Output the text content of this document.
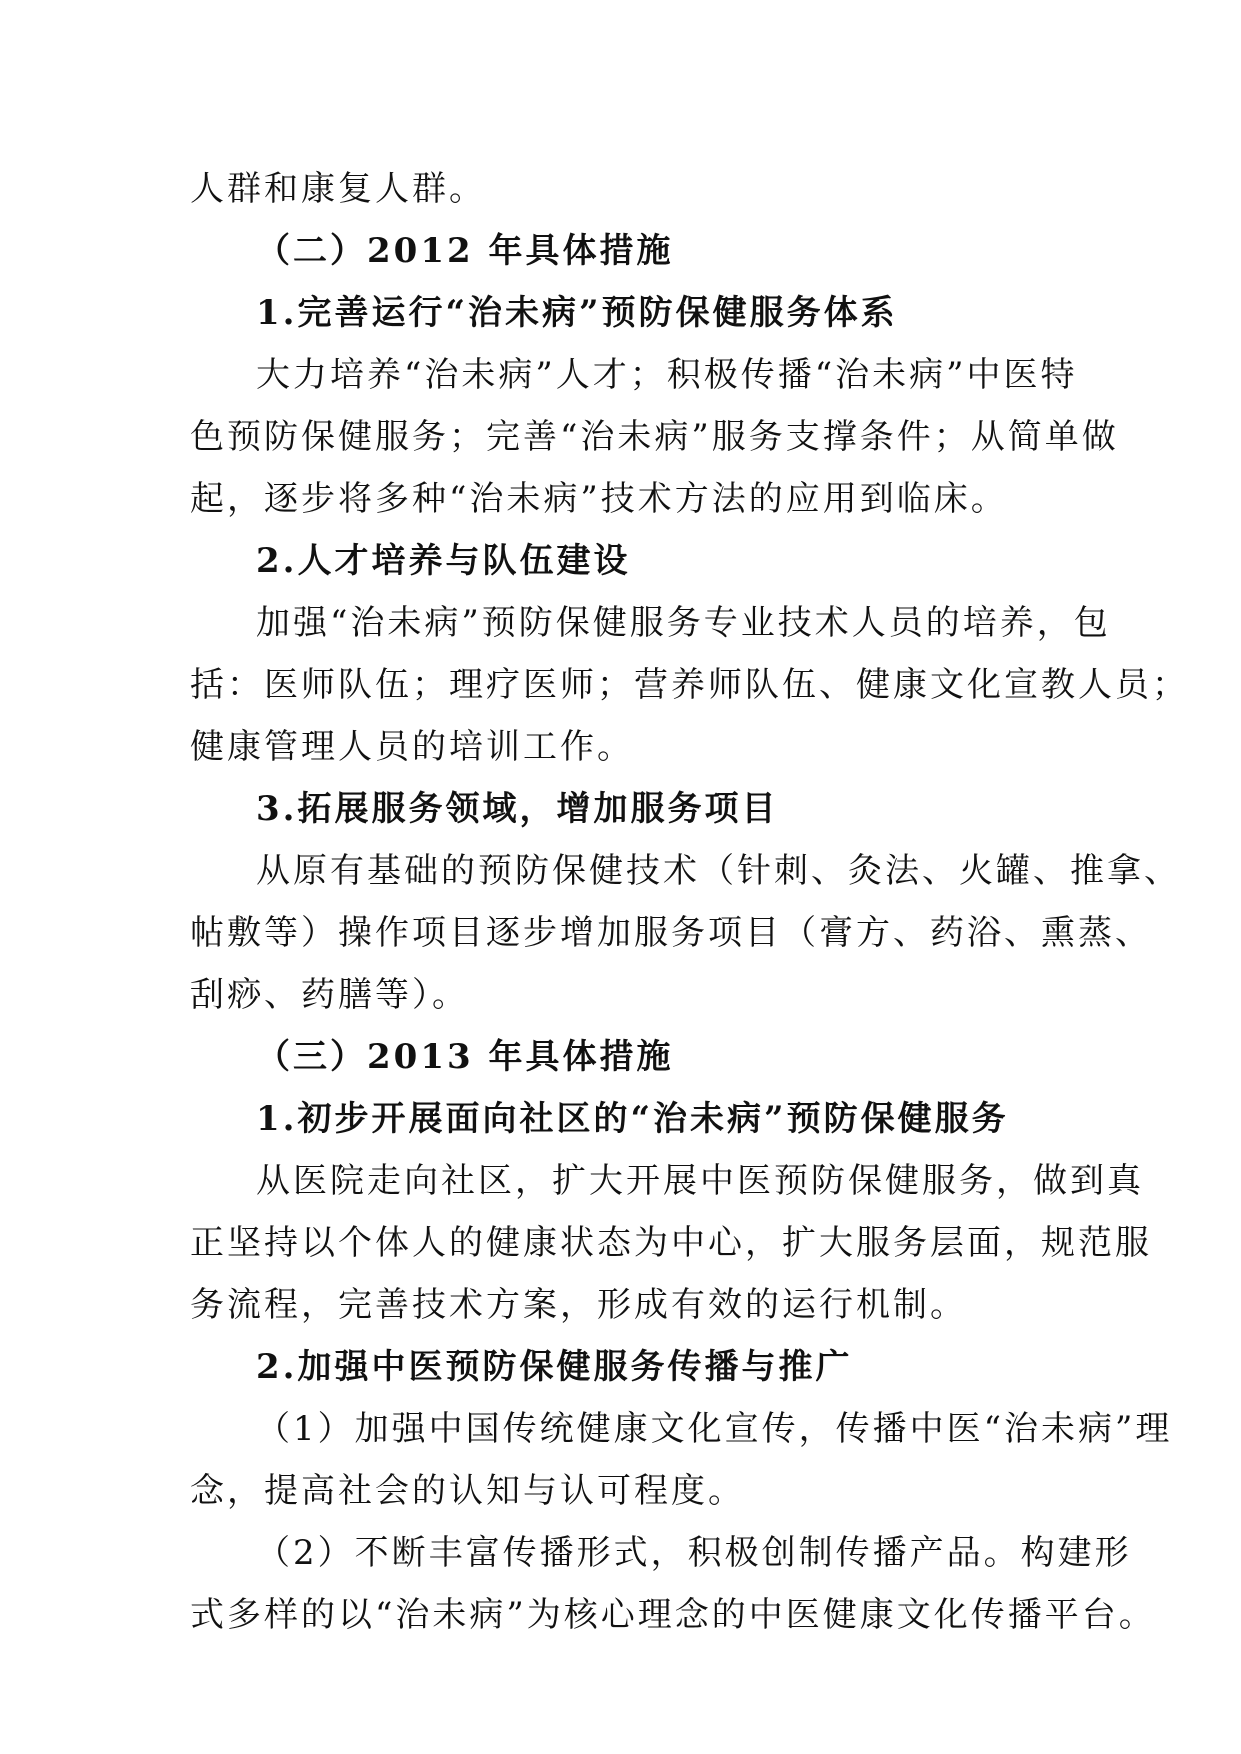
人群和康复人群。
（二）2012 年具体措施
1.完善运行“治未病”预防保健服务体系
大力培养“治未病”人才；积极传播“治未病”中医特
色预防保健服务；完善“治未病”服务支撑条件；从简单做
起，逐步将多种“治未病”技术方法的应用到临床。
2.人才培养与队伍建设
加强“治未病”预防保健服务专业技术人员的培养，包
括：医师队伍；理疗医师；营养师队伍、健康文化宣教人员；
健康管理人员的培训工作。
3.拓展服务领域，增加服务项目
从原有基础的预防保健技术（针刺、灸法、火罐、推拿、
帖敷等）操作项目逐步增加服务项目（膏方、药浴、熏蒸、
刮痧、药膳等）。
（三）2013 年具体措施
1.初步开展面向社区的“治未病”预防保健服务
从医院走向社区，扩大开展中医预防保健服务，做到真
正坚持以个体人的健康状态为中心，扩大服务层面，规范服
务流程，完善技术方案，形成有效的运行机制。
2.加强中医预防保健服务传播与推广
（1）加强中国传统健康文化宣传，传播中医“治未病”理
念，提高社会的认知与认可程度。
（2）不断丰富传播形式，积极创制传播产品。构建形
式多样的以“治未病”为核心理念的中医健康文化传播平台。
